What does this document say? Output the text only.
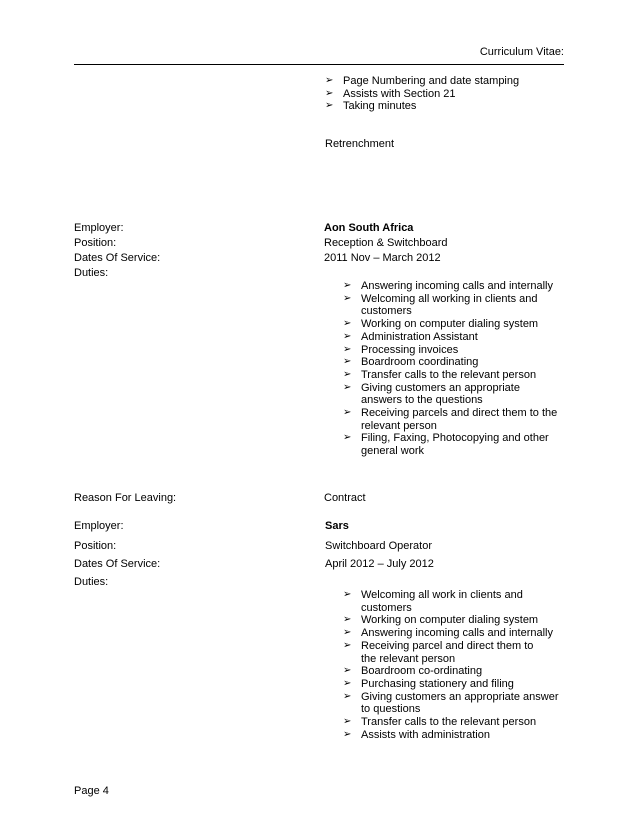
Curriculum Vitae:
➢ Page Numbering and date stamping
➢ Assists with Section 21
➢ Taking minutes
Retrenchment
Employer:	Aon South Africa
Position:	Reception & Switchboard
Dates Of Service:	2011 Nov – March 2012
Duties:
➢ Answering incoming calls and internally
➢ Welcoming all working in clients and customers
➢ Working on computer dialing system
➢ Administration Assistant
➢ Processing invoices
➢ Boardroom coordinating
➢ Transfer calls to the relevant person
➢ Giving customers an appropriate answers to the questions
➢ Receiving parcels and direct them to the relevant person
➢ Filing, Faxing, Photocopying and other general work
Reason For Leaving:	Contract
Employer:	Sars
Position:	Switchboard Operator
Dates Of Service:	April 2012 – July 2012
Duties:
➢ Welcoming all work in clients and customers
➢ Working on computer dialing system
➢ Answering incoming calls and internally
➢ Receiving parcel and direct them to the relevant person
➢ Boardroom co-ordinating
➢ Purchasing stationery and filing
➢ Giving customers an appropriate answer to questions
➢ Transfer calls to the relevant person
➢ Assists with administration
Page 4
